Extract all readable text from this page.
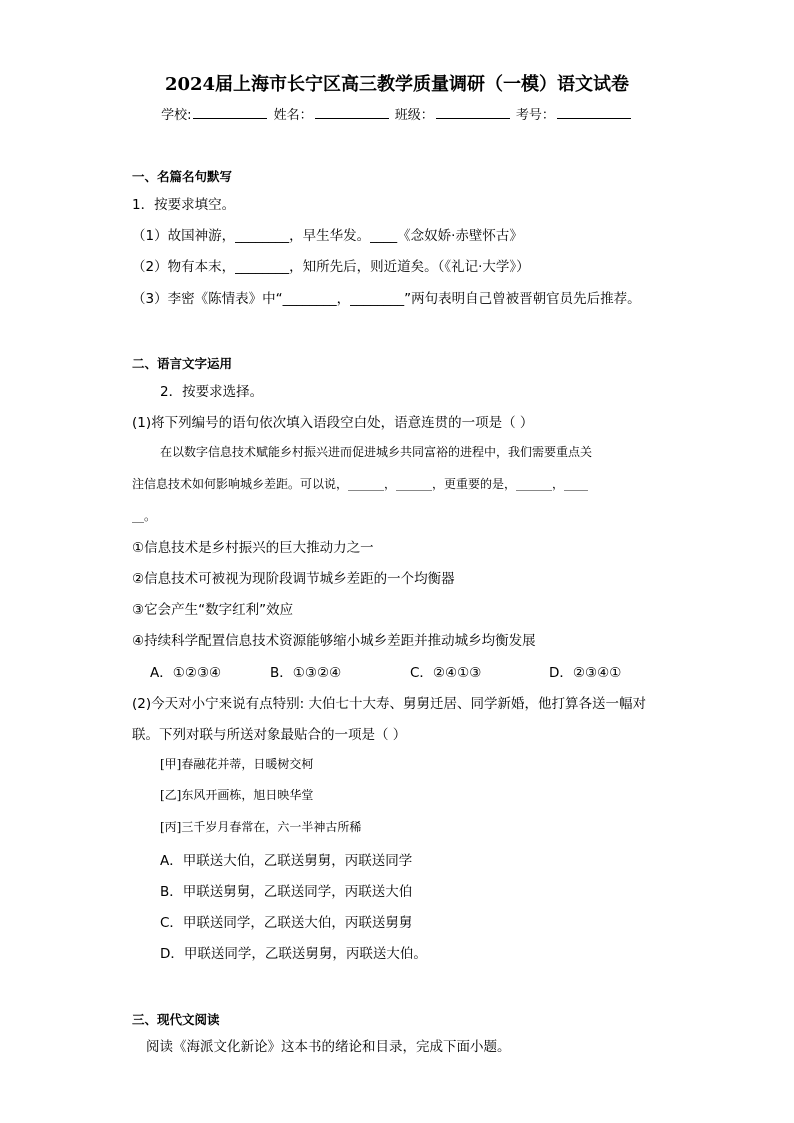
2024届上海市长宁区高三教学质量调研（一模）语文试卷
学校:	姓名：	班级：	考号：
一、名篇名句默写
1．按要求填空。
（1）故国神游，________，早生华发。____《念奴娇·赤壁怀古》
（2）物有本末，________，知所先后，则近道矣。（《礼记·大学》）
（3）李密《陈情表》中“________，________”两句表明自己曾被晋朝官员先后推荐。
二、语言文字运用
2．按要求选择。
(1)将下列编号的语句依次填入语段空白处，语意连贯的一项是（ ）
在以数字信息技术赋能乡村振兴进而促进城乡共同富裕的进程中，我们需要重点关
注信息技术如何影响城乡差距。可以说，______，______，更重要的是，______，____
__。
①信息技术是乡村振兴的巨大推动力之一
②信息技术可被视为现阶段调节城乡差距的一个均衡器
③它会产生“数字红利”效应
④持续科学配置信息技术资源能够缩小城乡差距并推动城乡均衡发展
A．①②③④	B．①③②④	C．②④①③	D．②③④①
(2)今天对小宁来说有点特别: 大伯七十大寿、舅舅迁居、同学新婚，他打算各送一幅对
联。下列对联与所送对象最贴合的一项是（ ）
[甲]春融花并蒂，日暖树交柯
[乙]东风开画栋，旭日映华堂
[丙]三千岁月春常在，六一半神古所稀
A．甲联送大伯，乙联送舅舅，丙联送同学
B．甲联送舅舅，乙联送同学，丙联送大伯
C．甲联送同学，乙联送大伯，丙联送舅舅
D．甲联送同学，乙联送舅舅，丙联送大伯。
三、现代文阅读
阅读《海派文化新论》这本书的绪论和目录，完成下面小题。
